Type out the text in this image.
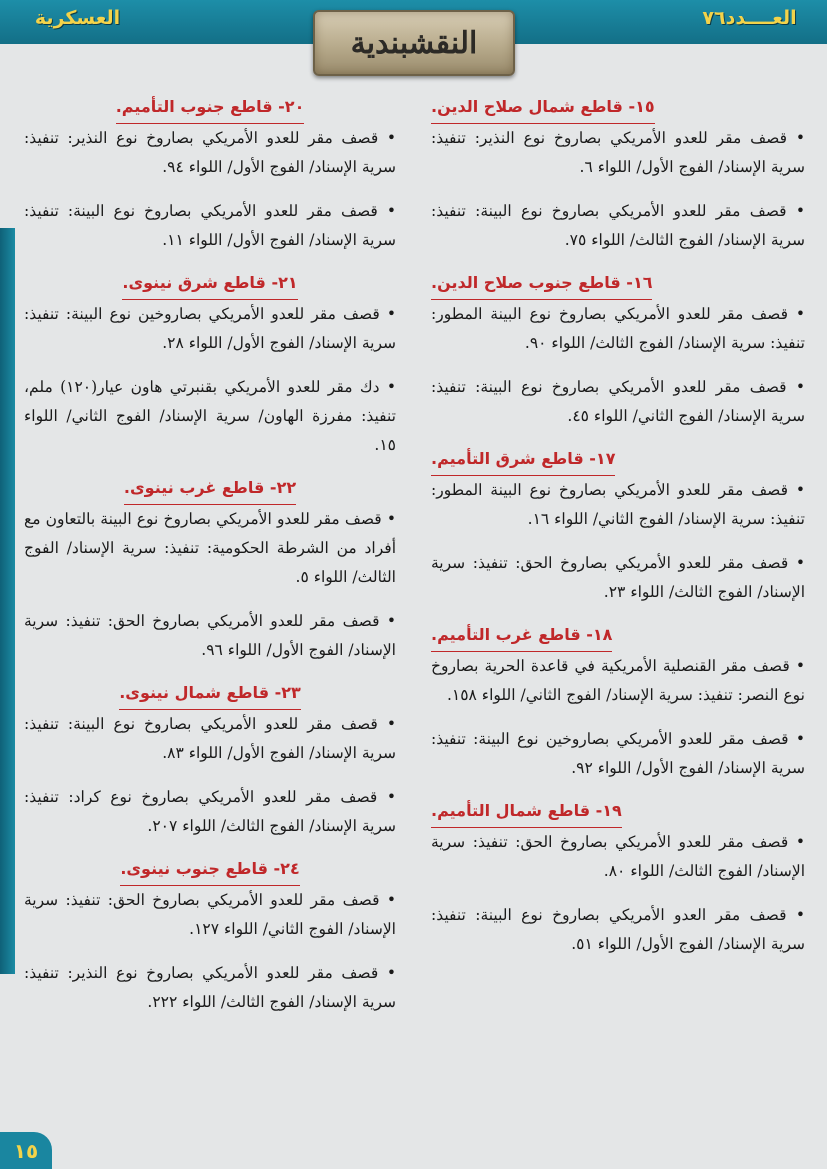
العــــدد٧٦
العسكرية
النقشبندية
١٥- قاطع شمال صلاح الدين.

• قصف مقر للعدو الأمريكي بصاروخ نوع النذير: تنفيذ: سرية الإسناد/ الفوج الأول/ اللواء ٦.

• قصف مقر للعدو الأمريكي بصاروخ نوع البينة: تنفيذ: سرية الإسناد/ الفوج الثالث/ اللواء ٧٥.

١٦- قاطع جنوب صلاح الدين.

• قصف مقر للعدو الأمريكي بصاروخ نوع البينة المطور: تنفيذ: سرية الإسناد/ الفوج الثالث/ اللواء ٩٠.

• قصف مقر للعدو الأمريكي بصاروخ نوع البينة: تنفيذ: سرية الإسناد/ الفوج الثاني/ اللواء ٤٥.

١٧- قاطع شرق التأميم.

• قصف مقر للعدو الأمريكي بصاروخ نوع البينة المطور: تنفيذ: سرية الإسناد/ الفوج الثاني/ اللواء ١٦.

• قصف مقر للعدو الأمريكي بصاروخ الحق: تنفيذ: سرية الإسناد/ الفوج الثالث/ اللواء ٢٣.

١٨- قاطع غرب التأميم.

• قصف مقر القنصلية الأمريكية في قاعدة الحرية بصاروخ نوع النصر: تنفيذ: سرية الإسناد/ الفوج الثاني/ اللواء ١٥٨.

• قصف مقر للعدو الأمريكي بصاروخين نوع البينة: تنفيذ: سرية الإسناد/ الفوج الأول/ اللواء ٩٢.

١٩- قاطع شمال التأميم.

• قصف مقر للعدو الأمريكي بصاروخ الحق: تنفيذ: سرية الإسناد/ الفوج الثالث/ اللواء ٨٠.

• قصف مقر العدو الأمريكي بصاروخ نوع البينة: تنفيذ: سرية الإسناد/ الفوج الأول/ اللواء ٥١.

٢٠- قاطع جنوب التأميم.

• قصف مقر للعدو الأمريكي بصاروخ نوع النذير: تنفيذ: سرية الإسناد/ الفوج الأول/ اللواء ٩٤.

• قصف مقر للعدو الأمريكي بصاروخ نوع البينة: تنفيذ: سرية الإسناد/ الفوج الأول/ اللواء ١١.

٢١- قاطع شرق نينوى.

• قصف مقر للعدو الأمريكي بصاروخين نوع البينة: تنفيذ: سرية الإسناد/ الفوج الأول/ اللواء ٢٨.

• دك مقر للعدو الأمريكي بقنبرتي هاون عيار(١٢٠) ملم، تنفيذ: مفرزة الهاون/ سرية الإسناد/ الفوج الثاني/ اللواء ١٥.

٢٢- قاطع غرب نينوى.

• قصف مقر للعدو الأمريكي بصاروخ نوع البينة بالتعاون مع أفراد من الشرطة الحكومية: تنفيذ: سرية الإسناد/ الفوج الثالث/ اللواء ٥.

• قصف مقر للعدو الأمريكي بصاروخ الحق: تنفيذ: سرية الإسناد/ الفوج الأول/ اللواء ٩٦.

٢٣- قاطع شمال نينوى.

• قصف مقر للعدو الأمريكي بصاروخ نوع البينة: تنفيذ: سرية الإسناد/ الفوج الأول/ اللواء ٨٣.

• قصف مقر للعدو الأمريكي بصاروخ نوع كراد: تنفيذ: سرية الإسناد/ الفوج الثالث/ اللواء ٢٠٧.

٢٤- قاطع جنوب نينوى.

• قصف مقر للعدو الأمريكي بصاروخ الحق: تنفيذ: سرية الإسناد/ الفوج الثاني/ اللواء ١٢٧.

• قصف مقر للعدو الأمريكي بصاروخ نوع النذير: تنفيذ: سرية الإسناد/ الفوج الثالث/ اللواء ٢٢٢.

١٥
